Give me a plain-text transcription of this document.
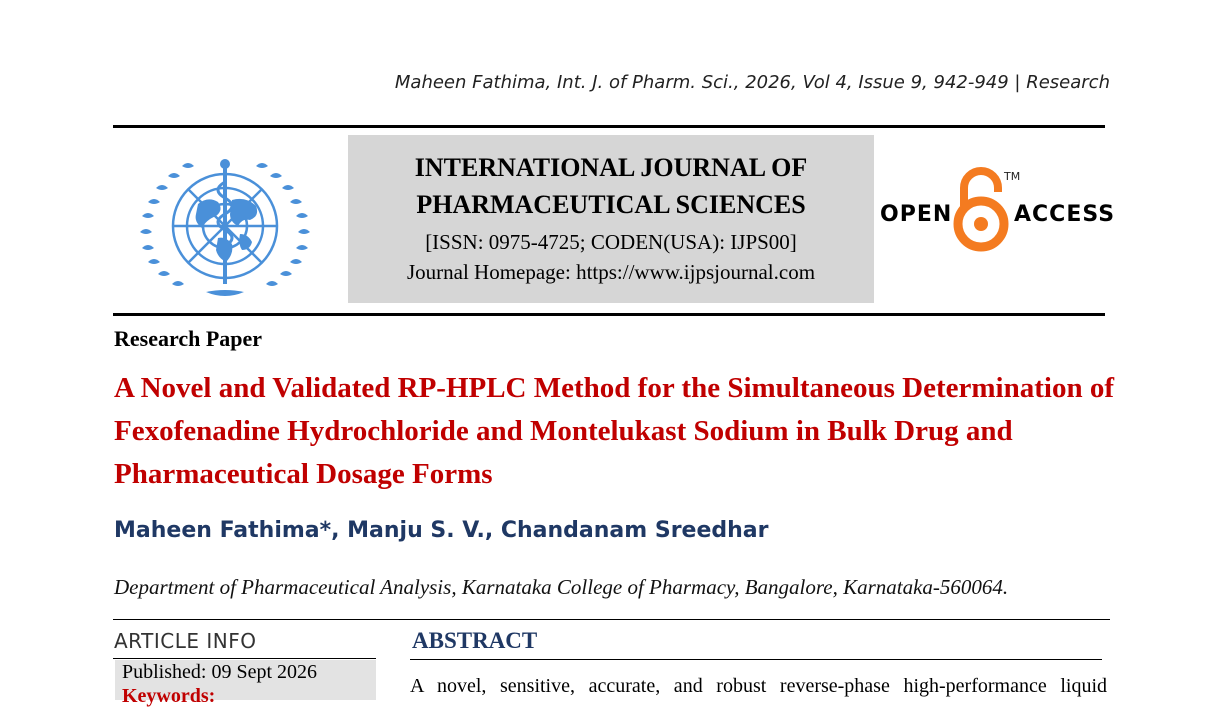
Maheen Fathima, Int. J. of Pharm. Sci., 2026, Vol 4, Issue 9, 942-949 | Research
INTERNATIONAL JOURNAL OF
PHARMACEUTICAL SCIENCES
[ISSN: 0975-4725; CODEN(USA): IJPS00]
Journal Homepage: https://www.ijpsjournal.com
OPEN
TM
ACCESS
Research Paper
A Novel and Validated RP-HPLC Method for the Simultaneous Determination of Fexofenadine Hydrochloride and Montelukast Sodium in Bulk Drug and Pharmaceutical Dosage Forms
Maheen Fathima*, Manju S. V., Chandanam Sreedhar
Department of Pharmaceutical Analysis, Karnataka College of Pharmacy, Bangalore, Karnataka-560064.
ARTICLE INFO
Published: 09 Sept 2026
Keywords:
ABSTRACT
A novel, sensitive, accurate, and robust reverse-phase high-performance liquid
